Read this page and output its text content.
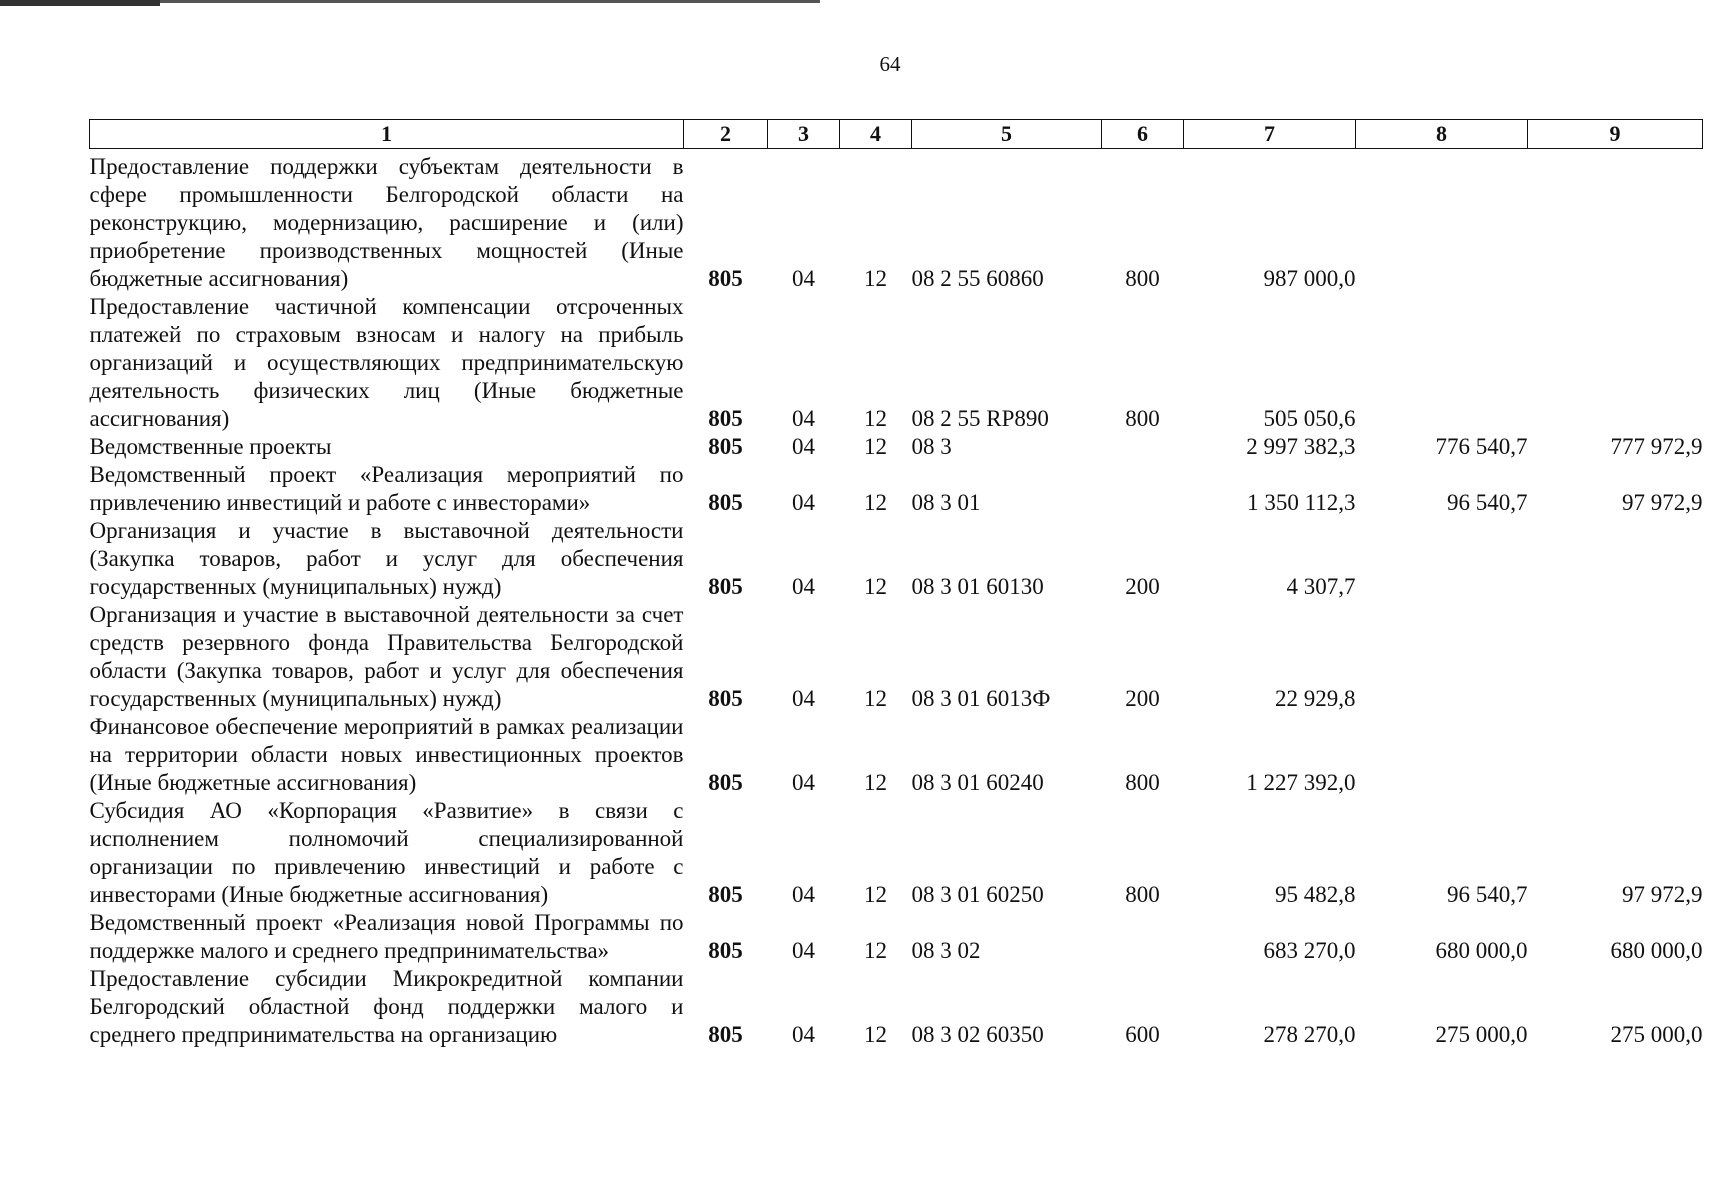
64
1	2	3	4	5	6	7	8	9
Предоставление поддержки субъектам деятельности в сфере промышленности Белгородской области на реконструкцию, модернизацию, расширение и (или) приобретение производственных мощностей (Иные бюджетные ассигнования)	805	04	12	08 2 55 60860	800	987 000,0		
Предоставление частичной компенсации отсроченных платежей по страховым взносам и налогу на прибыль организаций и осуществляющих предпринимательскую деятельность физических лиц (Иные бюджетные ассигнования)	805	04	12	08 2 55 RP890	800	505 050,6		
Ведомственные проекты	805	04	12	08 3		2 997 382,3	776 540,7	777 972,9
Ведомственный проект «Реализация мероприятий по привлечению инвестиций и работе с инвесторами»	805	04	12	08 3 01		1 350 112,3	96 540,7	97 972,9
Организация и участие в выставочной деятельности (Закупка товаров, работ и услуг для обеспечения государственных (муниципальных) нужд)	805	04	12	08 3 01 60130	200	4 307,7		
Организация и участие в выставочной деятельности за счет средств резервного фонда Правительства Белгородской области (Закупка товаров, работ и услуг для обеспечения государственных (муниципальных) нужд)	805	04	12	08 3 01 6013Ф	200	22 929,8		
Финансовое обеспечение мероприятий в рамках реализации на территории области новых инвестиционных проектов (Иные бюджетные ассигнования)	805	04	12	08 3 01 60240	800	1 227 392,0		
Субсидия АО «Корпорация «Развитие» в связи с исполнением полномочий специализированной организации по привлечению инвестиций и работе с инвесторами (Иные бюджетные ассигнования)	805	04	12	08 3 01 60250	800	95 482,8	96 540,7	97 972,9
Ведомственный проект «Реализация новой Программы по поддержке малого и среднего предпринимательства»	805	04	12	08 3 02		683 270,0	680 000,0	680 000,0
Предоставление субсидии Микрокредитной компании Белгородский областной фонд поддержки малого и среднего предпринимательства на организацию	805	04	12	08 3 02 60350	600	278 270,0	275 000,0	275 000,0
